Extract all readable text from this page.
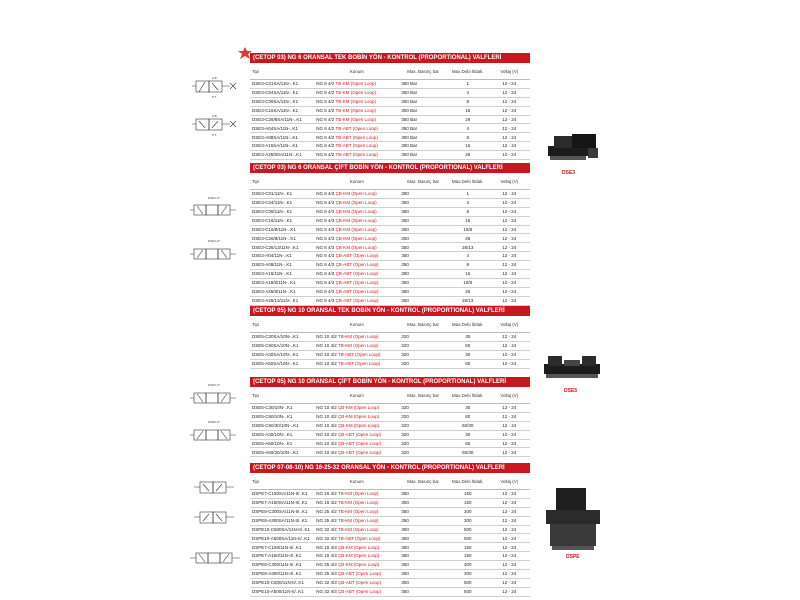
A B
P T
A B
P T
DSE3-C*
DSE3-A*
DSE5-C*
DSE5-A*
(CETOP 03) NG 6 ORANSAL TEK BOBİN YÖN - KONTROL (PROPORTIONAL) VALFLERİ
Tipi	Konum	Max. Basınç bar	Max.Debi lt/dak.	Voltaj (V)
DSE3-C01SA/11N-..K1	NG 6 4/2 TB-KM (Open Loop)	350 Bar	1	12 - 24
DSE3-C04SA/11N-..K1	NG 6 4/2 TB-KM (Open Loop)	350 Bar	4	12 - 24
DSE3-C08SA/11N-..K1	NG 6 4/2 TB-KM (Open Loop)	350 Bar	8	12 - 24
DSE3-C16SA/11N-..K1	NG 6 4/2 TB-KM (Open Loop)	350 Bar	16	12 - 24
DSE3-C26/8SA/11N-..K1	NG 6 4/2 TB-KM (Open Loop)	350 Bar	26	12 - 24
DSE3-A04SA/11N-..K1	NG 6 4/2 TB-ABT (Open Loop)	350 Bar	4	12 - 24
DSE3-A08SA/11N-..K1	NG 6 4/2 TB-ABT (Open Loop)	350 Bar	8	12 - 24
DSE3-A16SA/11N-..K1	NG 6 4/2 TB-ABT (Open Loop)	350 Bar	16	12 - 24
DSE3-A26/8SA/11N-..K1	NG 6 4/2 TB-ABT (Open Loop)	350 Bar	26	12 - 24
(CETOP 03) NG 6 ORANSAL ÇİFT BOBİN YÖN - KONTROL (PROPORTIONAL) VALFLERİ
Tipi	Konum	Max. Basınç bar	Max.Debi lt/dak.	Voltaj (V)
DSE3-C01/11N-..K1	NG 6 4/3 ÇB-KM (Open Loop)	350	1	12 - 24
DSE3-C04/11N-..K1	NG 6 4/3 ÇB-KM (Open Loop)	350	4	12 - 24
DSE3-C08/11N-..K1	NG 6 4/3 ÇB-KM (Open Loop)	350	8	12 - 24
DSE3-C16/11N-..K1	NG 6 4/3 ÇB-KM (Open Loop)	350	16	12 - 24
DSE3-C16/8/11N-..K1	NG 6 4/3 ÇB-KM (Open Loop)	350	16/8	12 - 24
DSE3-C26/8/11N-..K1	NG 6 4/3 ÇB-KM (Open Loop)	350	26	12 - 24
DSE3-C26/13/11N-..K1	NG 6 4/3 ÇB-KM (Open Loop)	350	26/13	12 - 24
DSE3-A04/11N-..K1	NG 6 4/3 ÇB-ABT (Open Loop)	350	4	12 - 24
DSE3-A08/11N-..K1	NG 6 4/3 ÇB-ABT (Open Loop)	350	8	12 - 24
DSE3-A16/11N-..K1	NG 6 4/3 ÇB-ABT (Open Loop)	350	16	12 - 24
DSE3-A16/8/11N-..K1	NG 6 4/3 ÇB-ABT (Open Loop)	350	16/8	12 - 24
DSE3-A26/8/11N-..K1	NG 6 4/3 ÇB-ABT (Open Loop)	350	26	12 - 24
DSE3-A26/13/11N-..K1	NG 6 4/3 ÇB-ABT (Open Loop)	350	26/13	12 - 24
(CETOP 05) NG 10 ORANSAL TEK BOBİN YÖN - KONTROL (PROPORTIONAL) VALFLERİ
Tipi	Konum	Max. Basınç bar	Max.Debi lt/dak.	Voltaj (V)
DSE5-C30SA/10N-..K1	NG 10 4/2 TB-KM (Open Loop)	320	30	12 - 24
DSE5-C60SA/10N-..K1	NG 10 4/2 TB-KM (Open Loop)	320	60	12 - 24
DSE5-A30SA/10N-..K1	NG 10 4/2 TB-ABT (Open Loop)	320	30	12 - 24
DSE5-A60SA/10N-..K1	NG 10 4/2 TB-ABT (Open Loop)	320	60	12 - 24
(CETOP 05) NG 10 ORANSAL ÇİFT BOBİN YÖN - KONTROL (PROPORTIONAL) VALFLERİ
Tipi	Konum	Max. Basınç bar	Max.Debi lt/dak.	Voltaj (V)
DSE5-C30/10N-..K1	NG 10 4/2 ÇB-KM (Open Loop)	320	30	12 - 24
DSE5-C60/10N-..K1	NG 10 4/2 ÇB-KM (Open Loop)	320	60	12 - 24
DSE5-C60/30/10N-..K1	NG 10 4/2 ÇB-KM (Open Loop)	320	60/30	12 - 24
DSE5-A30/10N-..K1	NG 10 4/2 ÇB-ABT (Open Loop)	320	30	12 - 24
DSE5-A60/10N-..K1	NG 10 4/2 ÇB-ABT (Open Loop)	320	60	12 - 24
DSE5-A60/30/10N-..K1	NG 10 4/2 ÇB-ABT (Open Loop)	320	60/30	12 - 24
(CETOP 07-08-10) NG 16-25-32 ORANSAL YÖN - KONTROL (PROPORTIONAL) VALFLERİ
Tipi	Konum	Max. Basınç bar	Max.Debi lt/dak.	Voltaj (V)
DSPE7-C150SA/11N-II/..K1	NG 16 4/2 TB-KM (Open Loop)	350	150	12 - 24
DSPE7-A150SA/11N-II/..K1	NG 16 4/2 TB-KM (Open Loop)	350	150	12 - 24
DSPE8-C300SA/11N-II/..K1	NG 25 4/2 TB-KM (Open Loop)	350	300	12 - 24
DSPE8-A300SA/11N-II/..K1	NG 25 4/2 TB-KM (Open Loop)	350	300	12 - 24
DSPE10-C500SA/11N-II/..K1	NG 32 4/2 TB-KM (Open Loop)	350	500	12 - 24
DSPE10-A500SA/11N-II/..K1	NG 32 4/2 TB-ABT (Open Loop)	350	500	12 - 24
DSPE7-C150/11N-II/..K1	NG 16 4/3 ÇB-KM (Open Loop)	350	150	12 - 24
DSPE7-A150/11N-II/..K1	NG 16 4/3 ÇB-KM (Open Loop)	350	150	12 - 24
DSPE8-C300/11N-II/..K1	NG 25 4/3 ÇB-KM (Open Loop)	350	300	12 - 24
DSPE8-A300/11N-II/..K1	NG 25 4/3 ÇB-ABT (Open Loop)	350	300	12 - 24
DSPE10-C500/11N-II/..K1	NG 32 4/3 ÇB-ABT (Open Loop)	350	500	12 - 24
DSPE10-A500/11N-II/..K1	NG 32 4/3 ÇB-ABT (Open Loop)	350	500	12 - 24
DSE3
DSE5
DSPE
